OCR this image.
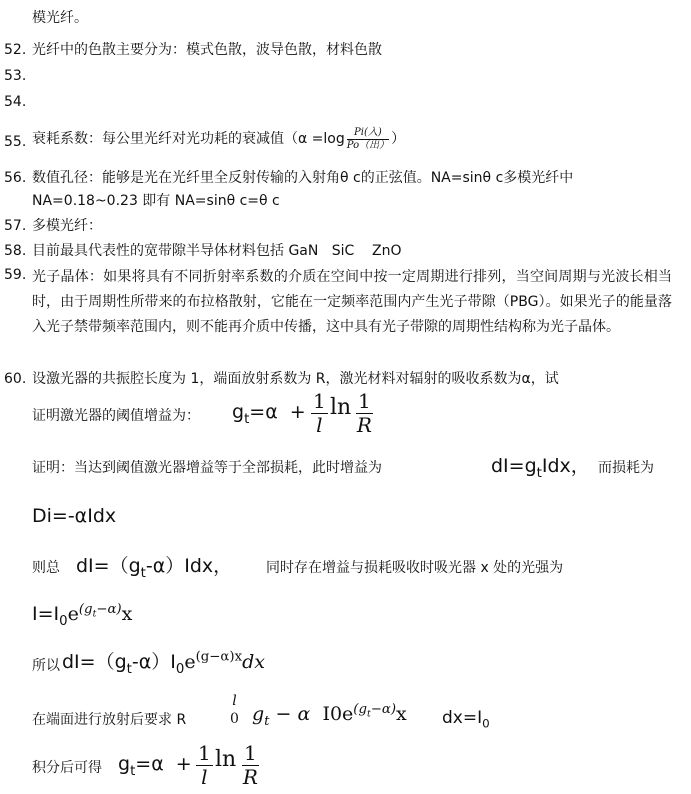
模光纤。
52. 光纤中的色散主要分为：模式色散，波导色散，材料色散
53.
54.
55. 衰耗系数：每公里光纤对光功耗的衰减值（$\alpha =\log \frac{\text{Pi(入)}}{\text{Po（出）}}$ ）
56. 数值孔径：能够是光在光纤里全反射传输的入射角θ c的正弦值。NA=sinθ c多模光纤中
NA=0.18~0.23 即有 NA=sinθ c=θ c
57. 多模光纤：
58. 目前最具代表性的宽带隙半导体材料包括 GaN   SiC    ZnO
59. 光子晶体：如果将具有不同折射率系数的介质在空间中按一定周期进行排列，当空间周期与光波长相当时，由于周期性所带来的布拉格散射，它能在一定频率范围内产生光子带隙（PBG）。如果光子的能量落入光子禁带频率范围内，则不能再介质中传播，这中具有光子带隙的周期性结构称为光子晶体。
60. 设激光器的共振腔长度为 1，端面放射系数为 R，激光材料对辐射的吸收系数为α，试
证明激光器的阈值增益为： $g_t=\alpha + \frac{1}{l}$ $\ln \frac{1}{R}$
证明：当达到阈值激光器增益等于全部损耗，此时增益为	$dI=g_tIdx$， 而损耗为
Di=-αIdx
则总 $dI=(g_t-\alpha)Idx$， 同时存在增益与损耗吸收时吸光器 x 处的光强为
$I=I_0e^{(g_t-\alpha)}x$
所以 $dI=(g_t-\alpha)I_0e^{(g-\alpha)x}dx$
在端面进行放射后要求 R
l
0 $g_t - \alpha$  $I0e^{(g_t-\alpha)}x$ $dx=I_0$
积分后可得 $g_t=\alpha + \frac{1}{l}$ $\ln \frac{1}{R}$
